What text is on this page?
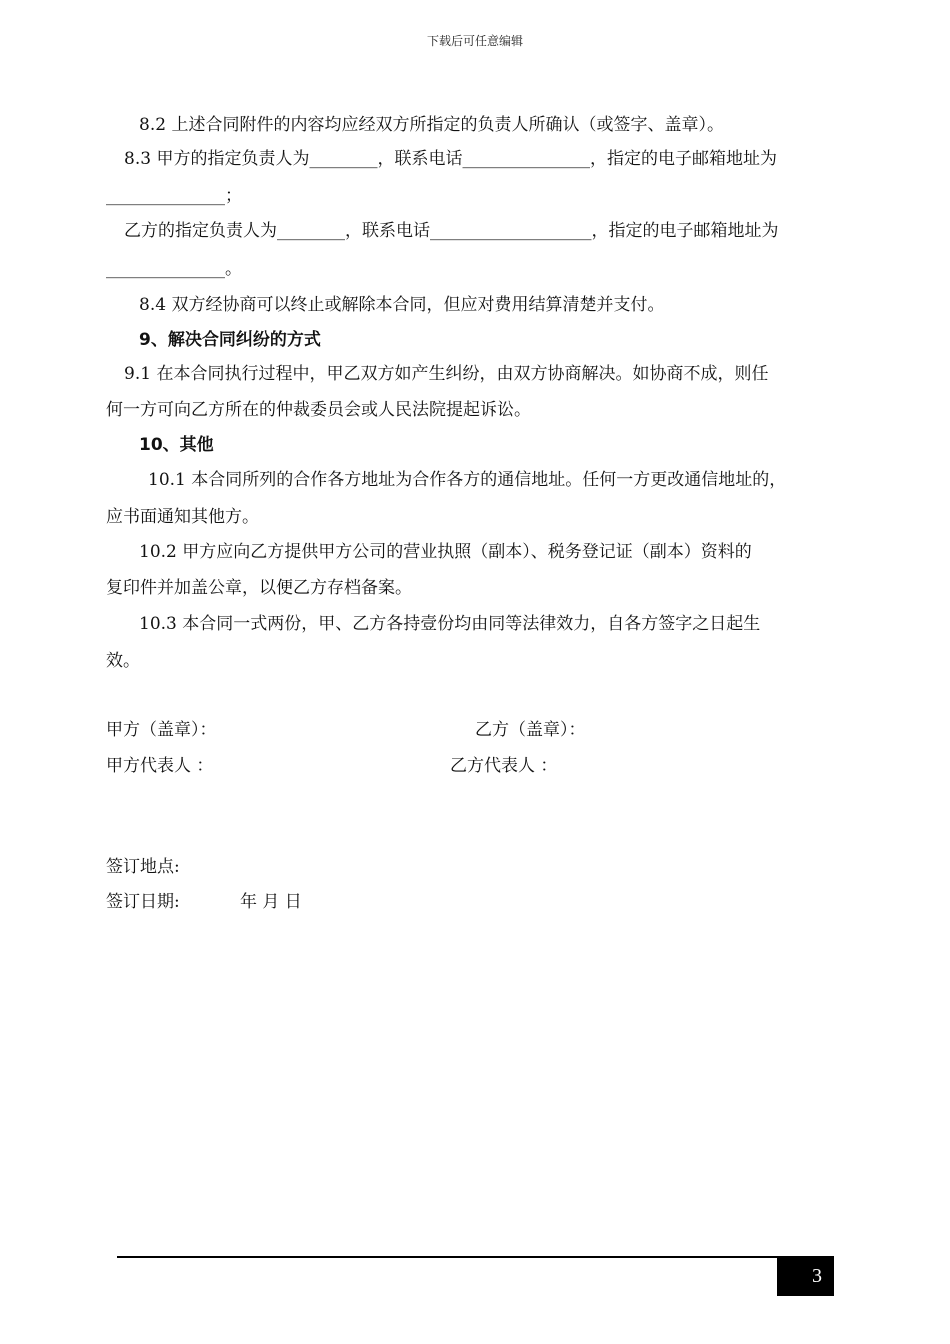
下载后可任意编辑
8.2 上述合同附件的内容均应经双方所指定的负责人所确认（或签字、盖章）。
8.3 甲方的指定负责人为________，联系电话_______________，指定的电子邮箱地址为
______________；
乙方的指定负责人为________，联系电话___________________，指定的电子邮箱地址为
______________。
8.4 双方经协商可以终止或解除本合同，但应对费用结算清楚并支付。
9、解决合同纠纷的方式
9.1 在本合同执行过程中，甲乙双方如产生纠纷，由双方协商解决。如协商不成，则任
何一方可向乙方所在的仲裁委员会或人民法院提起诉讼。
10、其他
10.1 本合同所列的合作各方地址为合作各方的通信地址。任何一方更改通信地址的，
应书面通知其他方。
10.2 甲方应向乙方提供甲方公司的营业执照（副本）、税务登记证（副本）资料的
复印件并加盖公章，以便乙方存档备案。
10.3 本合同一式两份，甲、乙方各持壹份均由同等法律效力，自各方签字之日起生
效。
甲方（盖章）：	乙方（盖章）：
甲方代表人 ：	乙方代表人 ：
签订地点:
签订日期:	年 月 日
3
